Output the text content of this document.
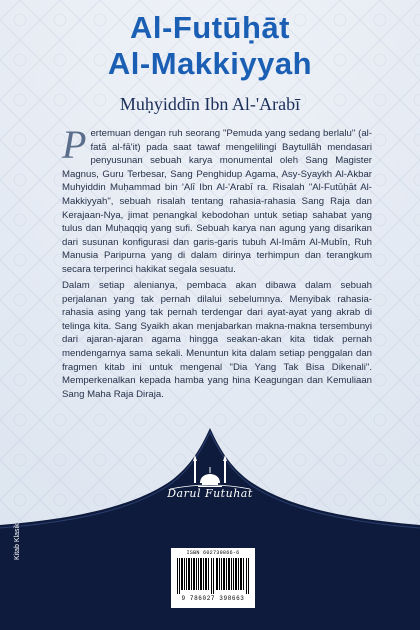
Al-Futūḥāt
Al-Makkiyyah
Muḥyiddīn Ibn Al-'Arabī

Pertemuan dengan ruh seorang "Pemuda yang sedang berlalu" (al-fatā al-fā'it) pada saat tawaf mengelilingi Baytullāh mendasari penyusunan sebuah karya monumental oleh Sang Magister Magnus, Guru Terbesar, Sang Penghidup Agama, Asy-Syaykh Al-Akbar Muhyiddin Muḥammad bin 'Alī Ibn Al-'Arabī ra. Risalah "Al-Futūḥāt Al-Makkiyyah", sebuah risalah tentang rahasia-rahasia Sang Raja dan Kerajaan-Nya, jimat penangkal kebodohan untuk setiap sahabat yang tulus dan Muḥaqqiq yang sufi. Sebuah karya nan agung yang disarikan dari susunan konfigurasi dan garis-garis tubuh Al-Imām Al-Mubīn, Ruh Manusia Paripurna yang di dalam dirinya terhimpun dan terangkum secara terperinci hakikat segala sesuatu.

Dalam setiap alenianya, pembaca akan dibawa dalam sebuah perjalanan yang tak pernah dilalui sebelumnya. Menyibak rahasia-rahasia asing yang tak pernah terdengar dari ayat-ayat yang akrab di telinga kita. Sang Syaikh akan menjabarkan makna-makna tersembunyi dari ajaran-ajaran agama hingga seakan-akan kita tidak pernah mendengarnya sama sekali. Menuntun kita dalam setiap penggalan dan fragmen kitab ini untuk mengenal "Dia Yang Tak Bisa Dikenali". Memperkenalkan kepada hamba yang hina Keagungan dan Kemuliaan Sang Maha Raja Diraja.

Darul Futuhat
ISBN 602739866-6
9 786027 398663
Kitab Klasik
